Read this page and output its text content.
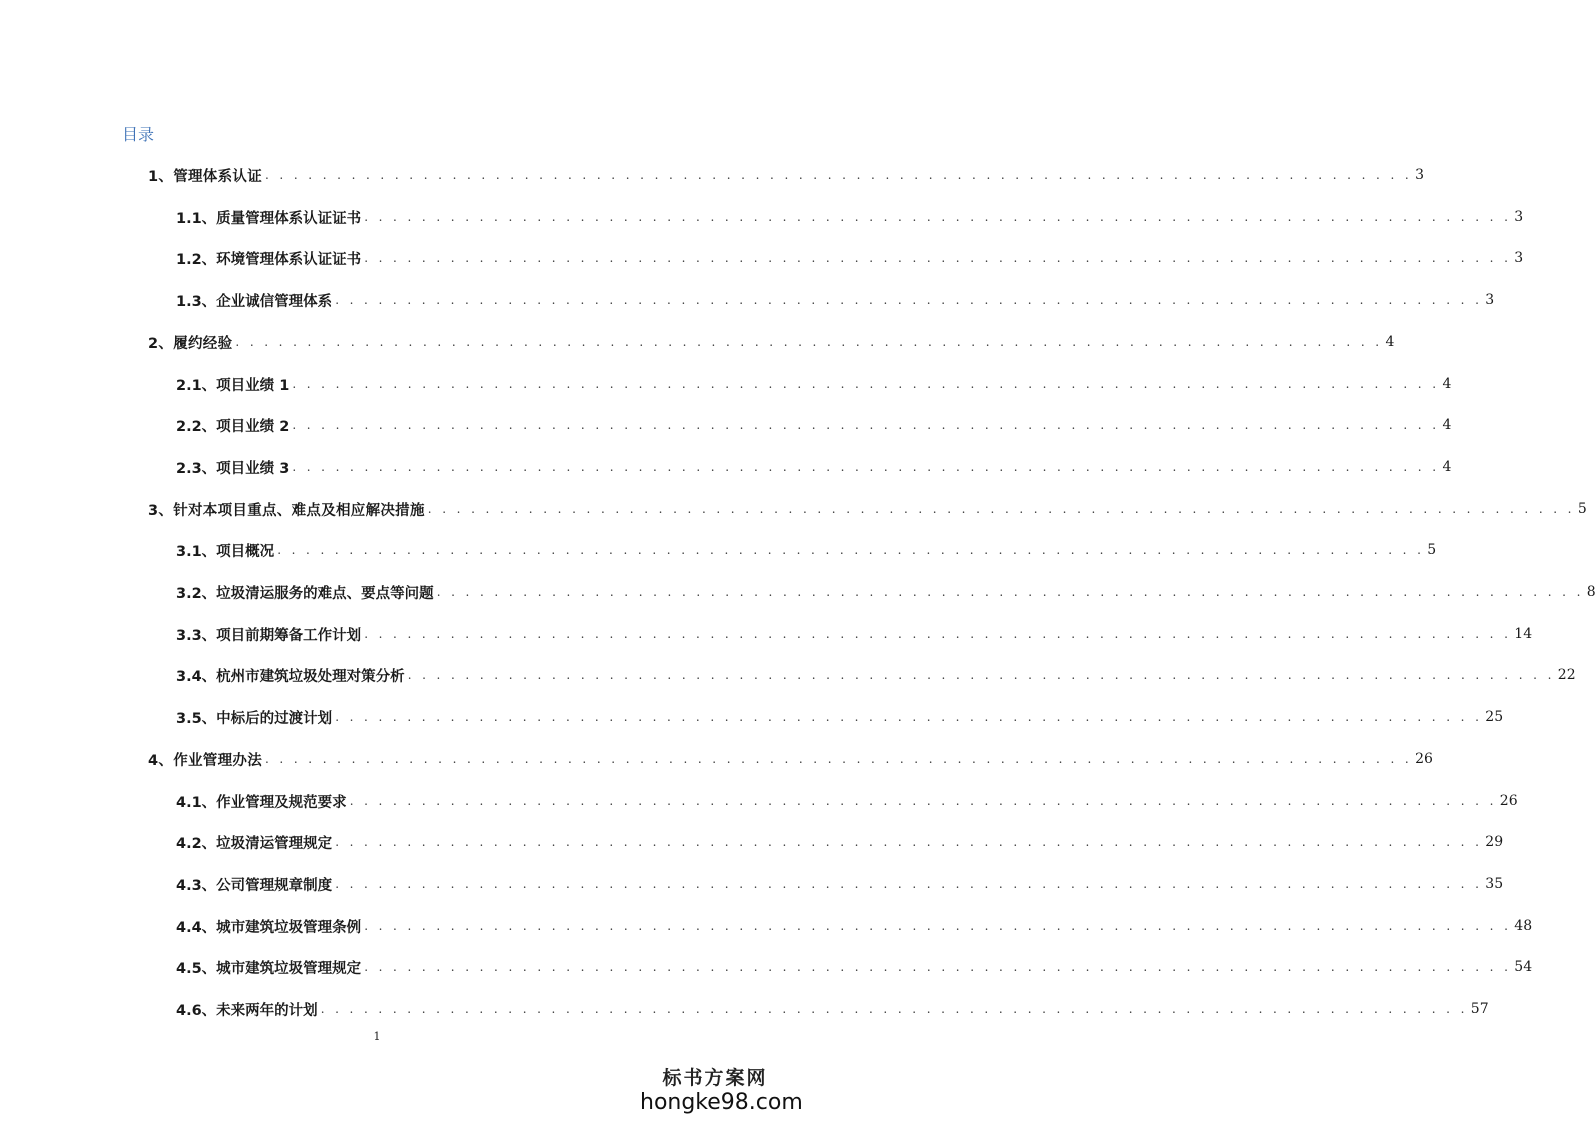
目录
1、管理体系认证 . . . . . . . . . . . . . . . . . . . . . . . . . . . . . . . . . . . . . . . . . . . . . . . . . . . . . . . . . . . . . . . . . . . . . . . . . . . . . . . . 3
1.1、质量管理体系认证证书 . . . . . . . . . . . . . . . . . . . . . . . . . . . . . . . . . . . . . . . . . . . . . . . . . . . . . . . . . . . . . . . . . . . . . . . . . . . . . . . . 3
1.2、环境管理体系认证证书 . . . . . . . . . . . . . . . . . . . . . . . . . . . . . . . . . . . . . . . . . . . . . . . . . . . . . . . . . . . . . . . . . . . . . . . . . . . . . . . . 3
1.3、企业诚信管理体系 . . . . . . . . . . . . . . . . . . . . . . . . . . . . . . . . . . . . . . . . . . . . . . . . . . . . . . . . . . . . . . . . . . . . . . . . . . . . . . . . 3
2、履约经验 . . . . . . . . . . . . . . . . . . . . . . . . . . . . . . . . . . . . . . . . . . . . . . . . . . . . . . . . . . . . . . . . . . . . . . . . . . . . . . . . 4
2.1、项目业绩 1 . . . . . . . . . . . . . . . . . . . . . . . . . . . . . . . . . . . . . . . . . . . . . . . . . . . . . . . . . . . . . . . . . . . . . . . . . . . . . . . . 4
2.2、项目业绩 2 . . . . . . . . . . . . . . . . . . . . . . . . . . . . . . . . . . . . . . . . . . . . . . . . . . . . . . . . . . . . . . . . . . . . . . . . . . . . . . . . 4
2.3、项目业绩 3 . . . . . . . . . . . . . . . . . . . . . . . . . . . . . . . . . . . . . . . . . . . . . . . . . . . . . . . . . . . . . . . . . . . . . . . . . . . . . . . . 4
3、针对本项目重点、难点及相应解决措施 . . . . . . . . . . . . . . . . . . . . . . . . . . . . . . . . . . . . . . . . . . . . . . . . . . . . . . . . . . . . . . . . . . . . . . . . . . . . . . . . 5
3.1、项目概况 . . . . . . . . . . . . . . . . . . . . . . . . . . . . . . . . . . . . . . . . . . . . . . . . . . . . . . . . . . . . . . . . . . . . . . . . . . . . . . . . 5
3.2、垃圾清运服务的难点、要点等问题 . . . . . . . . . . . . . . . . . . . . . . . . . . . . . . . . . . . . . . . . . . . . . . . . . . . . . . . . . . . . . . . . . . . . . . . . . . . . . . . . 8
3.3、项目前期筹备工作计划 . . . . . . . . . . . . . . . . . . . . . . . . . . . . . . . . . . . . . . . . . . . . . . . . . . . . . . . . . . . . . . . . . . . . . . . . . . . . . . . . 14
3.4、杭州市建筑垃圾处理对策分析 . . . . . . . . . . . . . . . . . . . . . . . . . . . . . . . . . . . . . . . . . . . . . . . . . . . . . . . . . . . . . . . . . . . . . . . . . . . . . . . . 22
3.5、中标后的过渡计划 . . . . . . . . . . . . . . . . . . . . . . . . . . . . . . . . . . . . . . . . . . . . . . . . . . . . . . . . . . . . . . . . . . . . . . . . . . . . . . . . 25
4、作业管理办法 . . . . . . . . . . . . . . . . . . . . . . . . . . . . . . . . . . . . . . . . . . . . . . . . . . . . . . . . . . . . . . . . . . . . . . . . . . . . . . . . 26
4.1、作业管理及规范要求 . . . . . . . . . . . . . . . . . . . . . . . . . . . . . . . . . . . . . . . . . . . . . . . . . . . . . . . . . . . . . . . . . . . . . . . . . . . . . . . . 26
4.2、垃圾清运管理规定 . . . . . . . . . . . . . . . . . . . . . . . . . . . . . . . . . . . . . . . . . . . . . . . . . . . . . . . . . . . . . . . . . . . . . . . . . . . . . . . . 29
4.3、公司管理规章制度 . . . . . . . . . . . . . . . . . . . . . . . . . . . . . . . . . . . . . . . . . . . . . . . . . . . . . . . . . . . . . . . . . . . . . . . . . . . . . . . . 35
4.4、城市建筑垃圾管理条例 . . . . . . . . . . . . . . . . . . . . . . . . . . . . . . . . . . . . . . . . . . . . . . . . . . . . . . . . . . . . . . . . . . . . . . . . . . . . . . . . 48
4.5、城市建筑垃圾管理规定 . . . . . . . . . . . . . . . . . . . . . . . . . . . . . . . . . . . . . . . . . . . . . . . . . . . . . . . . . . . . . . . . . . . . . . . . . . . . . . . . 54
4.6、未来两年的计划 . . . . . . . . . . . . . . . . . . . . . . . . . . . . . . . . . . . . . . . . . . . . . . . . . . . . . . . . . . . . . . . . . . . . . . . . . . . . . . . . 57
1
标书方案网
hongke98.com
